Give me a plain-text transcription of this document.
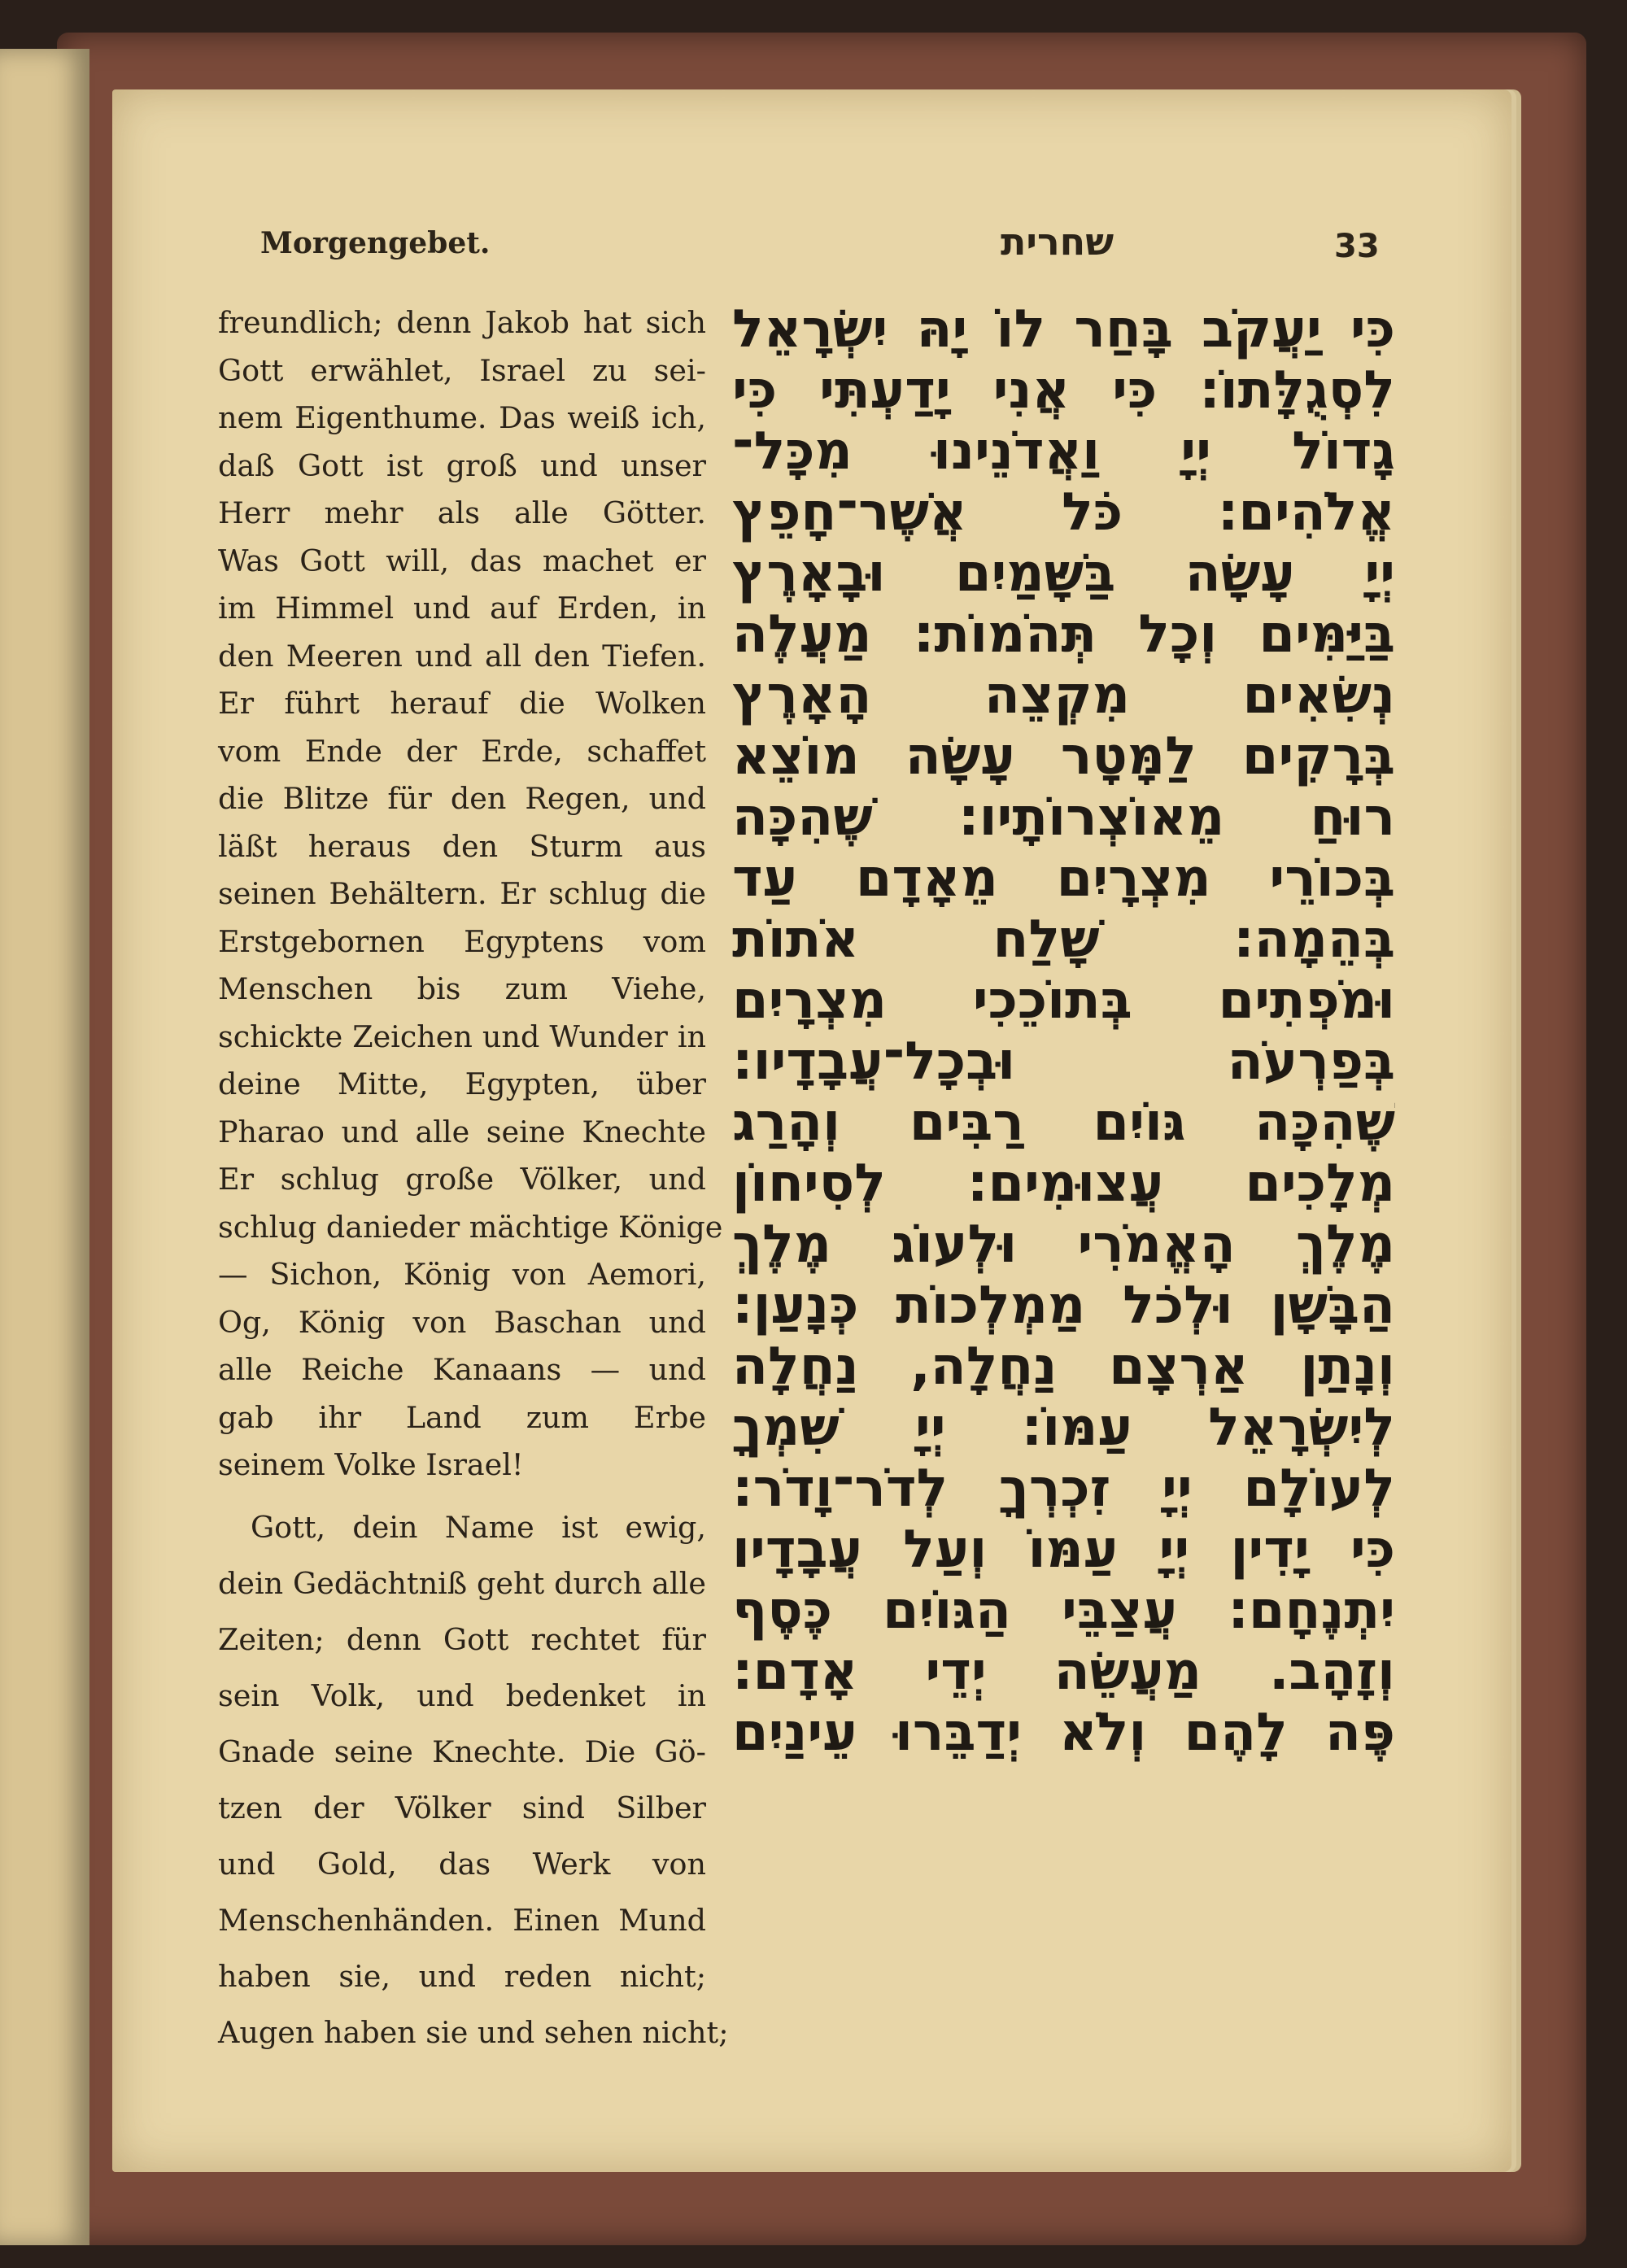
Morgengebet.	שחרית	33
freundlich; denn Jakob hat sich
Gott erwählet, Israel zu sei-
nem Eigenthume. Das weiß ich,
daß Gott ist groß und unser
Herr mehr als alle Götter.
Was Gott will, das machet er
im Himmel und auf Erden, in
den Meeren und all den Tiefen.
Er führt herauf die Wolken
vom Ende der Erde, schaffet
die Blitze für den Regen, und
läßt heraus den Sturm aus
seinen Behältern. Er schlug die
Erstgebornen Egyptens vom
Menschen bis zum Viehe,
schickte Zeichen und Wunder in
deine Mitte, Egypten, über
Pharao und alle seine Knechte
Er schlug große Völker, und
schlug danieder mächtige Könige
— Sichon, König von Aemori,
Og, König von Baschan und
alle Reiche Kanaans — und
gab ihr Land zum Erbe
seinem Volke Israel!
Gott, dein Name ist ewig,
dein Gedächtniß geht durch alle
Zeiten; denn Gott rechtet für
sein Volk, und bedenket in
Gnade seine Knechte. Die Gö-
tzen der Völker sind Silber
und Gold, das Werk von
Menschenhänden. Einen Mund
haben sie, und reden nicht;
Augen haben sie und sehen nicht;
כִּי יַעֲקֹב בָּחַר לוֹ יָהּ יִשְׂרָאֵל
לִסְגֻלָּתוֹ: כִּי אֲנִי יָדַעְתִּי כִּי
גָדוֹל יְיָ וַאֲדֹנֵינוּ מִכָּל־
אֱלֹהִים: כֹּל אֲשֶׁר־חָפֵץ
יְיָ עָשָׂה בַּשָּׁמַיִם וּבָאָרֶץ
בַּיַּמִּים וְכָל תְּהֹמוֹת: מַעֲלֶה
נְשִׂאִים מִקְצֵה הָאָרֶץ
בְּרָקִים לַמָּטָר עָשָׂה מוֹצֵא
רוּחַ מֵאוֹצְרוֹתָיו: שֶׁהִכָּה
בְּכוֹרֵי מִצְרָיִם מֵאָדָם עַד
בְּהֵמָה: שָׁלַח אֹתוֹת
וּמֹפְתִים בְּתוֹכֵכִי מִצְרָיִם
בְּפַרְעֹה וּבְכָל־עֲבָדָיו:
שֶׁהִכָּה גּוֹיִם רַבִּים וְהָרַג
מְלָכִים עֲצוּמִים: לְסִיחוֹן
מֶלֶךְ הָאֱמֹרִי וּלְעוֹג מֶלֶךְ
הַבָּשָׁן וּלְכֹל מַמְלְכוֹת כְּנָעַן:
וְנָתַן אַרְצָם נַחֲלָה, נַחֲלָה
לְיִשְׂרָאֵל עַמּוֹ: יְיָ שִׁמְךָ
לְעוֹלָם יְיָ זִכְרְךָ לְדֹר־וָדֹר:
כִּי יָדִין יְיָ עַמּוֹ וְעַל עֲבָדָיו
יִתְנֶחָם: עֲצַבֵּי הַגּוֹיִם כֶּסֶף
וְזָהָב. מַעֲשֵׂה יְדֵי אָדָם:
פֶּה לָהֶם וְלֹא יְדַבֵּרוּ עֵינַיִם
